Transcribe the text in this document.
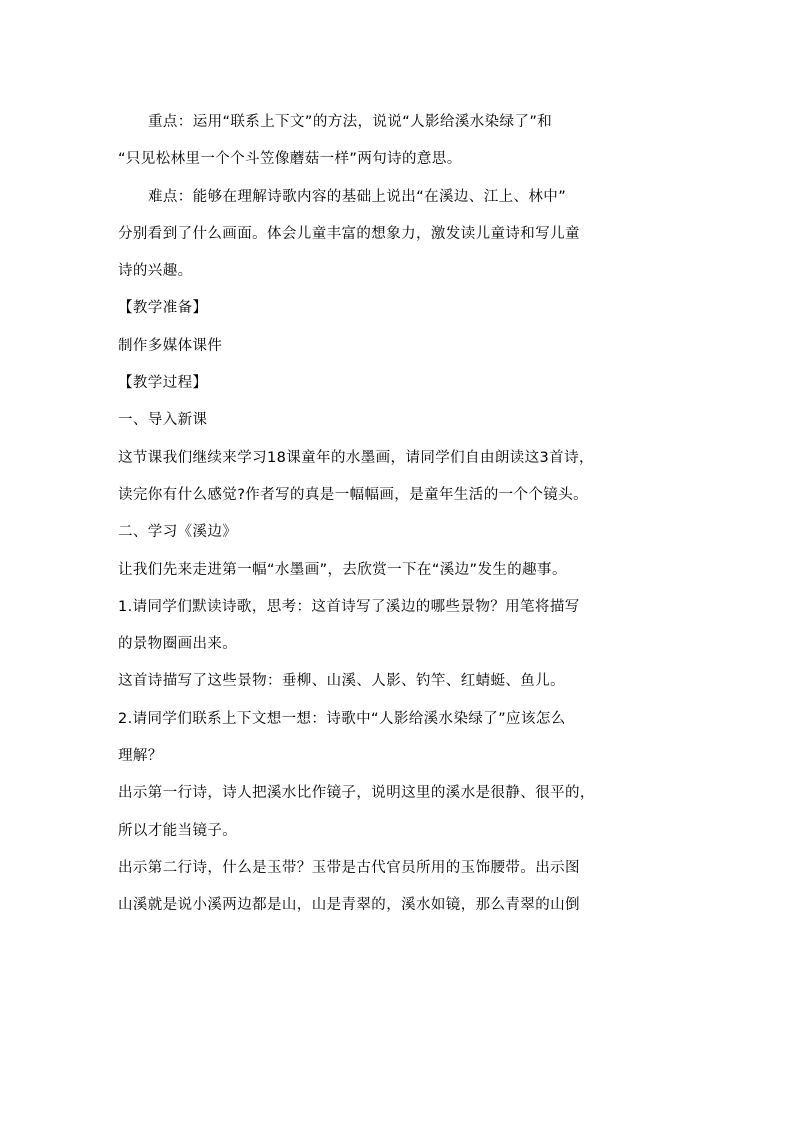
重点：运用“联系上下文”的方法，说说“人影给溪水染绿了”和
“只见松林里一个个斗笠像蘑菇一样”两句诗的意思。
难点：能够在理解诗歌内容的基础上说出“在溪边、江上、林中”
分别看到了什么画面。体会儿童丰富的想象力，激发读儿童诗和写儿童
诗的兴趣。
【教学准备】
制作多媒体课件
【教学过程】
一、导入新课
这节课我们继续来学习18课童年的水墨画，请同学们自由朗读这3首诗，
读完你有什么感觉?作者写的真是一幅幅画，是童年生活的一个个镜头。
二、学习《溪边》
让我们先来走进第一幅“水墨画”，去欣赏一下在“溪边”发生的趣事。
1.请同学们默读诗歌，思考：这首诗写了溪边的哪些景物？用笔将描写
的景物圈画出来。
这首诗描写了这些景物：垂柳、山溪、人影、钓竿、红蜻蜓、鱼儿。
2.请同学们联系上下文想一想：诗歌中“人影给溪水染绿了”应该怎么
理解？
出示第一行诗，诗人把溪水比作镜子，说明这里的溪水是很静、很平的，
所以才能当镜子。
出示第二行诗，什么是玉带？玉带是古代官员所用的玉饰腰带。出示图
山溪就是说小溪两边都是山，山是青翠的，溪水如镜，那么青翠的山倒
